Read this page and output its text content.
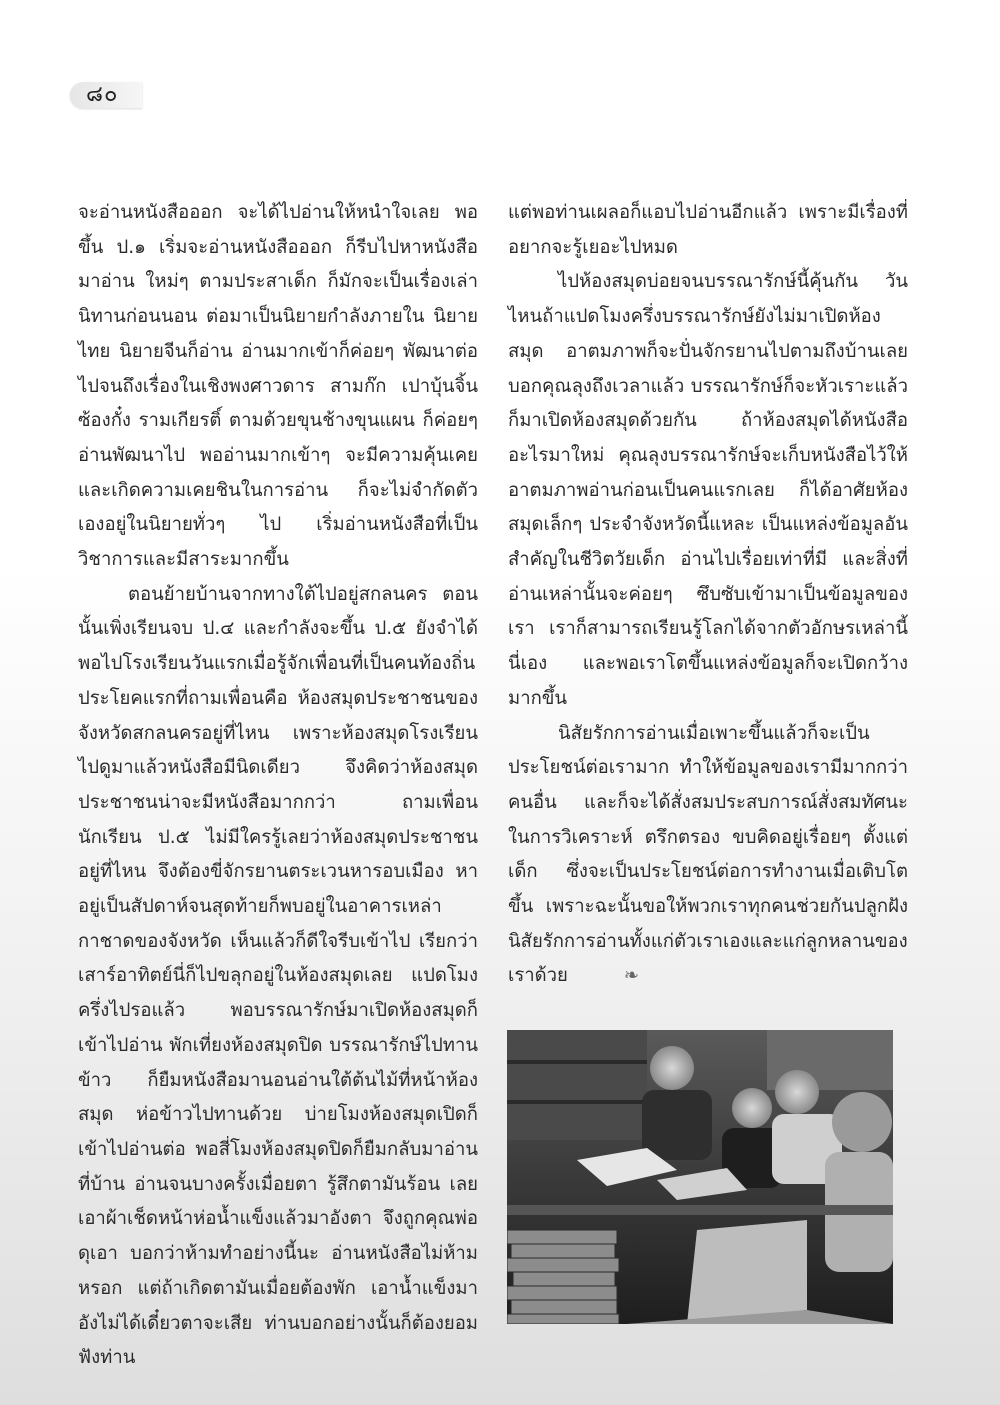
๘๐

จะอ่านหนังสือออก จะได้ไปอ่านให้หนำใจเลย พอขึ้น ป.๑ เริ่มจะอ่านหนังสือออก ก็รีบไปหาหนังสือมาอ่าน ใหม่ๆ ตามประสาเด็ก ก็มักจะเป็นเรื่องเล่านิทานก่อนนอน ต่อมาเป็นนิยายกำลังภายใน นิยายไทย นิยายจีนก็อ่าน อ่านมากเข้าก็ค่อยๆ พัฒนาต่อไปจนถึงเรื่องในเชิงพงศาวดาร สามก๊ก เปาบุ้นจิ้น ซ้องกั๋ง รามเกียรติ์ ตามด้วยขุนช้างขุนแผน ก็ค่อยๆ อ่านพัฒนาไป พออ่านมากเข้าๆ จะมีความคุ้นเคยและเกิดความเคยชินในการอ่าน ก็จะไม่จำกัดตัวเองอยู่ในนิยายทั่วๆ ไป เริ่มอ่านหนังสือที่เป็นวิชาการและมีสาระมากขึ้น

ตอนย้ายบ้านจากทางใต้ไปอยู่สกลนคร ตอนนั้นเพิ่งเรียนจบ ป.๔ และกำลังจะขึ้น ป.๕ ยังจำได้ พอไปโรงเรียนวันแรกเมื่อรู้จักเพื่อนที่เป็นคนท้องถิ่น ประโยคแรกที่ถามเพื่อนคือ ห้องสมุดประชาชนของจังหวัดสกลนครอยู่ที่ไหน เพราะห้องสมุดโรงเรียนไปดูมาแล้วหนังสือมีนิดเดียว จึงคิดว่าห้องสมุดประชาชนน่าจะมีหนังสือมากกว่า ถามเพื่อนนักเรียน ป.๕ ไม่มีใครรู้เลยว่าห้องสมุดประชาชนอยู่ที่ไหน จึงต้องขี่จักรยานตระเวนหารอบเมือง หาอยู่เป็นสัปดาห์จนสุดท้ายก็พบอยู่ในอาคารเหล่ากาชาดของจังหวัด เห็นแล้วก็ดีใจรีบเข้าไป เรียกว่าเสาร์อาทิตย์นี่ก็ไปขลุกอยู่ในห้องสมุดเลย แปดโมงครึ่งไปรอแล้ว พอบรรณารักษ์มาเปิดห้องสมุดก็เข้าไปอ่าน พักเที่ยงห้องสมุดปิด บรรณารักษ์ไปทานข้าว ก็ยืมหนังสือมานอนอ่านใต้ต้นไม้ที่หน้าห้องสมุด ห่อข้าวไปทานด้วย บ่ายโมงห้องสมุดเปิดก็เข้าไปอ่านต่อ พอสี่โมงห้องสมุดปิดก็ยืมกลับมาอ่านที่บ้าน อ่านจนบางครั้งเมื่อยตา รู้สึกตามันร้อน เลยเอาผ้าเช็ดหน้าห่อน้ำแข็งแล้วมาอังตา จึงถูกคุณพ่อดุเอา บอกว่าห้ามทำอย่างนี้นะ อ่านหนังสือไม่ห้ามหรอก แต่ถ้าเกิดตามันเมื่อยต้องพัก เอาน้ำแข็งมาอังไม่ได้เดี๋ยวตาจะเสีย ท่านบอกอย่างนั้นก็ต้องยอมฟังท่าน

แต่พอท่านเผลอก็แอบไปอ่านอีกแล้ว เพราะมีเรื่องที่อยากจะรู้เยอะไปหมด

ไปห้องสมุดบ่อยจนบรรณารักษ์นี้คุ้นกัน วันไหนถ้าแปดโมงครึ่งบรรณารักษ์ยังไม่มาเปิดห้องสมุด อาตมภาพก็จะปั่นจักรยานไปตามถึงบ้านเลย บอกคุณลุงถึงเวลาแล้ว บรรณารักษ์ก็จะหัวเราะแล้วก็มาเปิดห้องสมุดด้วยกัน ถ้าห้องสมุดได้หนังสืออะไรมาใหม่ คุณลุงบรรณารักษ์จะเก็บหนังสือไว้ให้อาตมภาพอ่านก่อนเป็นคนแรกเลย ก็ได้อาศัยห้องสมุดเล็กๆ ประจำจังหวัดนี้แหละ เป็นแหล่งข้อมูลอันสำคัญในชีวิตวัยเด็ก อ่านไปเรื่อยเท่าที่มี และสิ่งที่อ่านเหล่านั้นจะค่อยๆ ซึบซับเข้ามาเป็นข้อมูลของเรา เราก็สามารถเรียนรู้โลกได้จากตัวอักษรเหล่านี้นี่เอง และพอเราโตขึ้นแหล่งข้อมูลก็จะเปิดกว้างมากขึ้น

นิสัยรักการอ่านเมื่อเพาะขึ้นแล้วก็จะเป็นประโยชน์ต่อเรามาก ทำให้ข้อมูลของเรามีมากกว่าคนอื่น และก็จะได้สั่งสมประสบการณ์สั่งสมทัศนะในการวิเคราะห์ ตรึกตรอง ขบคิดอยู่เรื่อยๆ ตั้งแต่เด็ก ซึ่งจะเป็นประโยชน์ต่อการทำงานเมื่อเติบโตขึ้น เพราะฉะนั้นขอให้พวกเราทุกคนช่วยกันปลูกฝังนิสัยรักการอ่านทั้งแก่ตัวเราเองและแก่ลูกหลานของเราด้วย	❧
